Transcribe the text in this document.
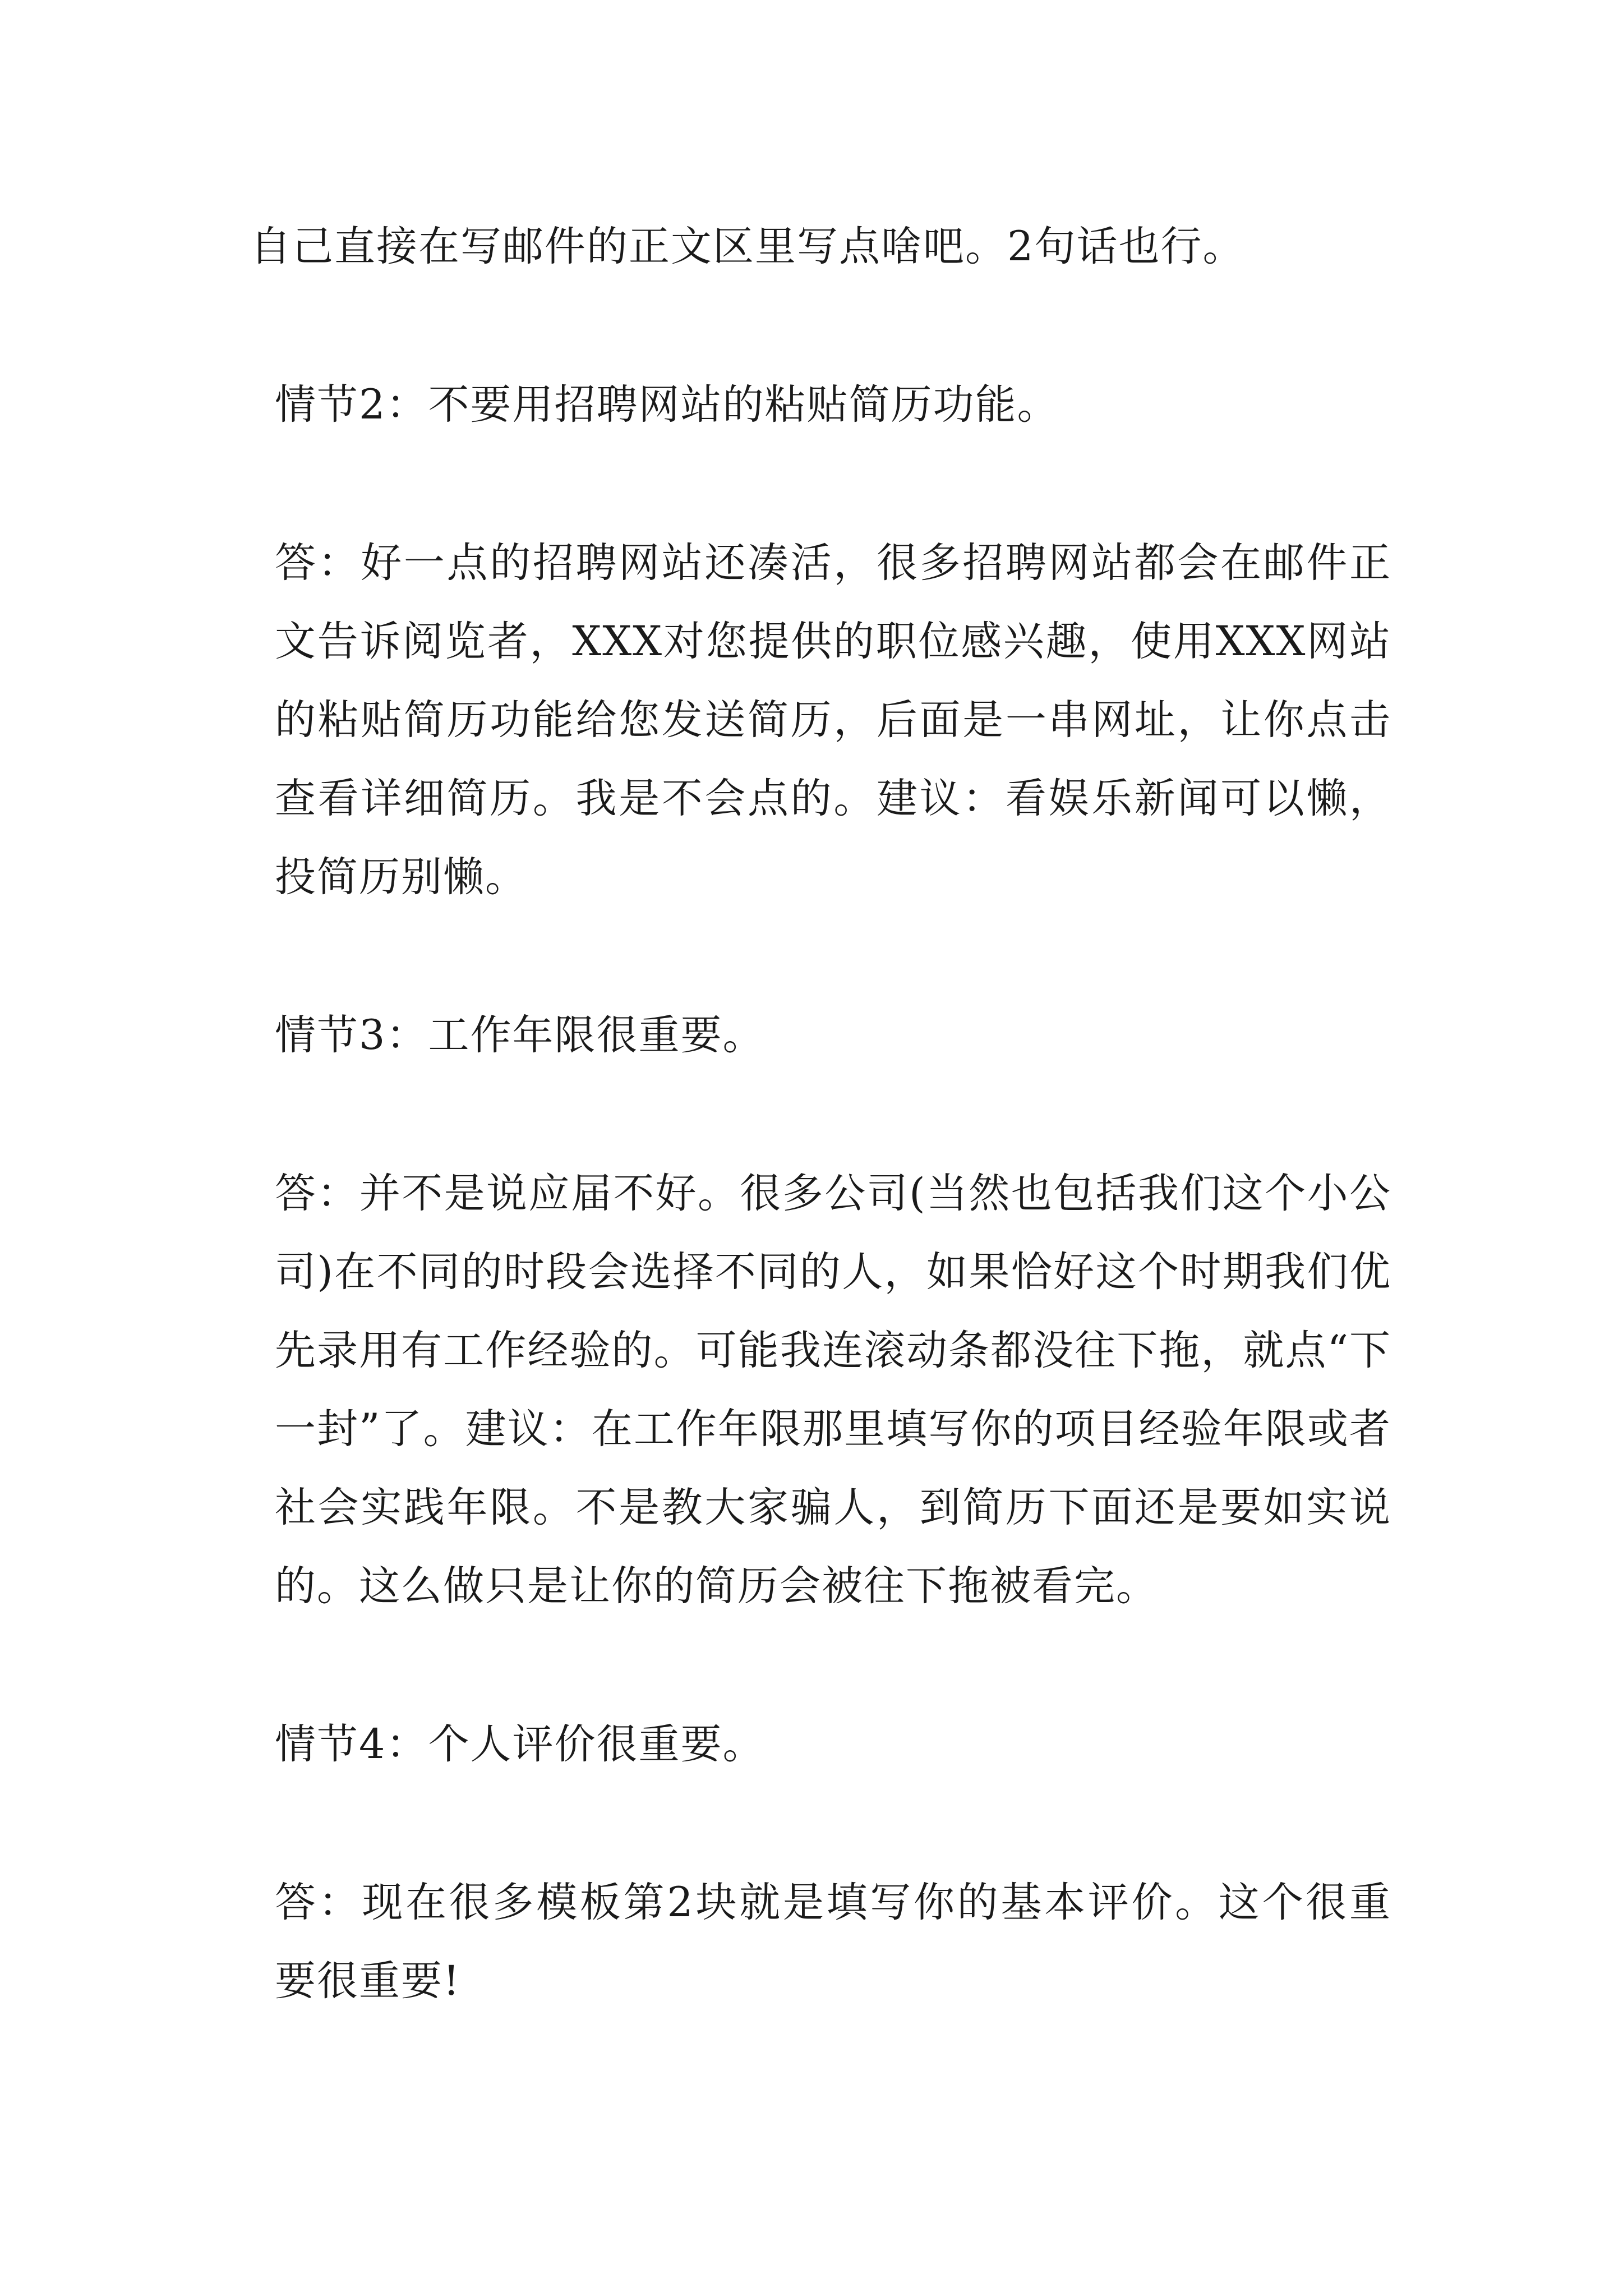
自己直接在写邮件的正文区里写点啥吧。2句话也行。

情节2：不要用招聘网站的粘贴简历功能。

答：好一点的招聘网站还凑活，很多招聘网站都会在邮件正文告诉阅览者，XXX对您提供的职位感兴趣，使用XXX网站的粘贴简历功能给您发送简历，后面是一串网址，让你点击查看详细简历。我是不会点的。建议：看娱乐新闻可以懒，投简历别懒。

情节3：工作年限很重要。

答：并不是说应届不好。很多公司(当然也包括我们这个小公司)在不同的时段会选择不同的人，如果恰好这个时期我们优先录用有工作经验的。可能我连滚动条都没往下拖，就点“下一封”了。建议：在工作年限那里填写你的项目经验年限或者社会实践年限。不是教大家骗人，到简历下面还是要如实说的。这么做只是让你的简历会被往下拖被看完。

情节4：个人评价很重要。

答：现在很多模板第2块就是填写你的基本评价。这个很重要很重要!
